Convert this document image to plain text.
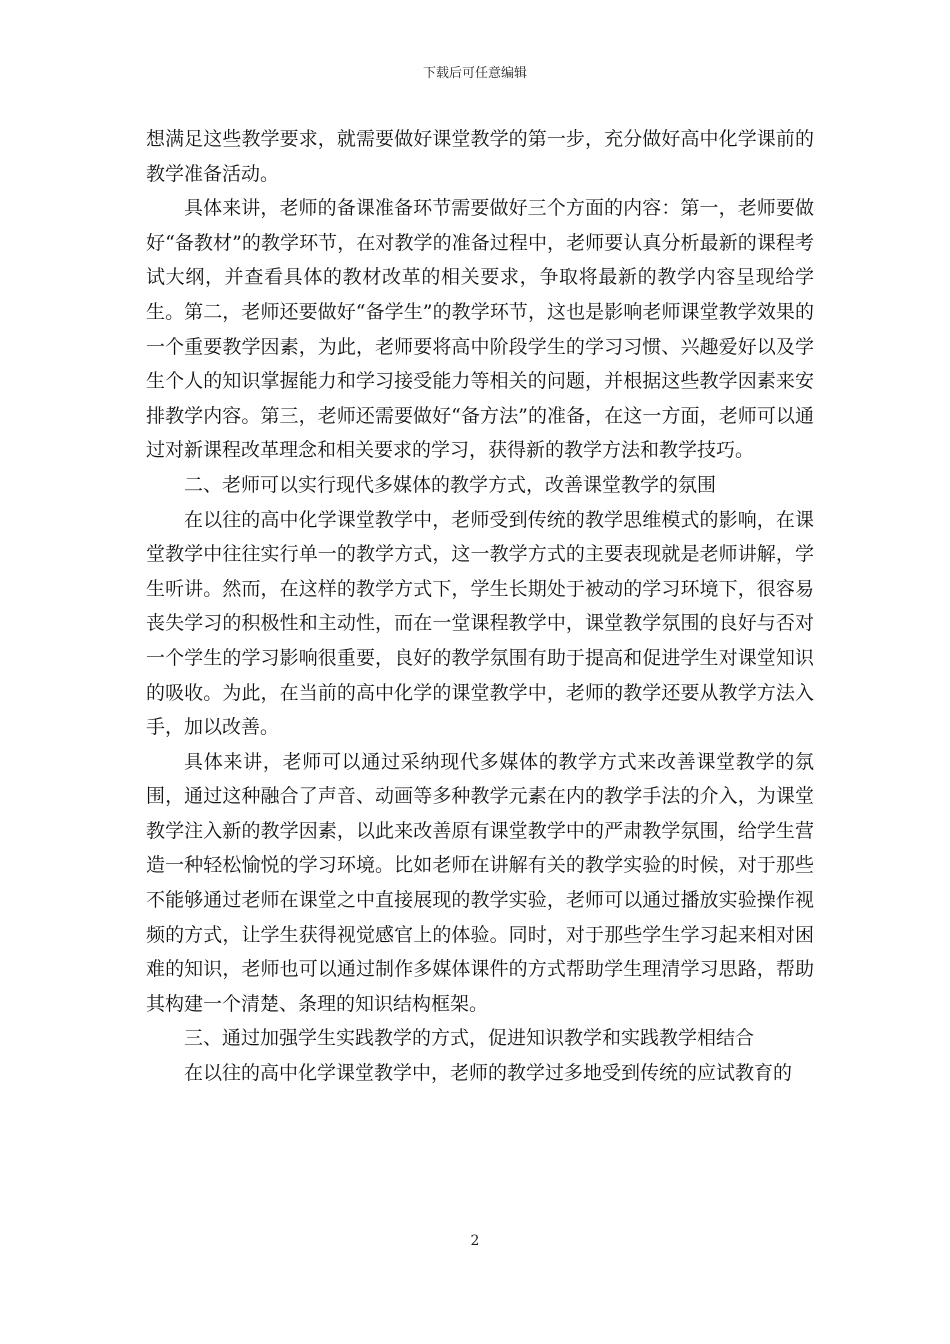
下载后可任意编辑

想满足这些教学要求，就需要做好课堂教学的第一步，充分做好高中化学课前的教学准备活动。

具体来讲，老师的备课准备环节需要做好三个方面的内容：第一，老师要做好“备教材”的教学环节，在对教学的准备过程中，老师要认真分析最新的课程考试大纲，并查看具体的教材改革的相关要求，争取将最新的教学内容呈现给学生。第二，老师还要做好“备学生”的教学环节，这也是影响老师课堂教学效果的一个重要教学因素，为此，老师要将高中阶段学生的学习习惯、兴趣爱好以及学生个人的知识掌握能力和学习接受能力等相关的问题，并根据这些教学因素来安排教学内容。第三，老师还需要做好“备方法”的准备，在这一方面，老师可以通过对新课程改革理念和相关要求的学习，获得新的教学方法和教学技巧。

二、老师可以实行现代多媒体的教学方式，改善课堂教学的氛围

在以往的高中化学课堂教学中，老师受到传统的教学思维模式的影响，在课堂教学中往往实行单一的教学方式，这一教学方式的主要表现就是老师讲解，学生听讲。然而，在这样的教学方式下，学生长期处于被动的学习环境下，很容易丧失学习的积极性和主动性，而在一堂课程教学中，课堂教学氛围的良好与否对一个学生的学习影响很重要，良好的教学氛围有助于提高和促进学生对课堂知识的吸收。为此，在当前的高中化学的课堂教学中，老师的教学还要从教学方法入手，加以改善。

具体来讲，老师可以通过采纳现代多媒体的教学方式来改善课堂教学的氛围，通过这种融合了声音、动画等多种教学元素在内的教学手法的介入，为课堂教学注入新的教学因素，以此来改善原有课堂教学中的严肃教学氛围，给学生营造一种轻松愉悦的学习环境。比如老师在讲解有关的教学实验的时候，对于那些不能够通过老师在课堂之中直接展现的教学实验，老师可以通过播放实验操作视频的方式，让学生获得视觉感官上的体验。同时，对于那些学生学习起来相对困难的知识，老师也可以通过制作多媒体课件的方式帮助学生理清学习思路，帮助其构建一个清楚、条理的知识结构框架。

三、通过加强学生实践教学的方式，促进知识教学和实践教学相结合

在以往的高中化学课堂教学中，老师的教学过多地受到传统的应试教育的

2
